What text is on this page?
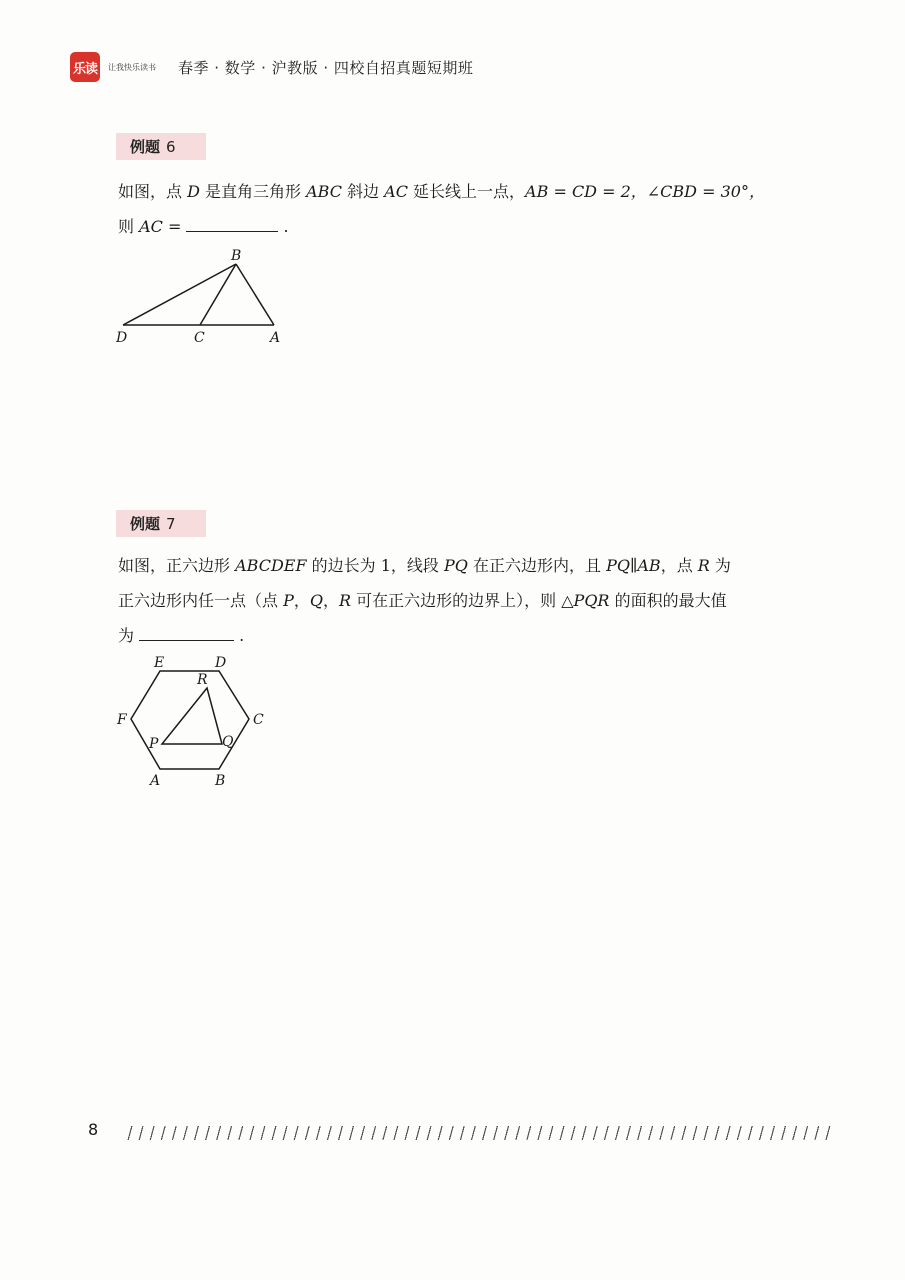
乐读	让我快乐读书 春季 · 数学 · 沪教版 · 四校自招真题短期班
例题 6
如图，点 D 是直角三角形 ABC 斜边 AC 延长线上一点，AB = CD = 2，∠CBD = 30°，
则 AC =	.
B
D	C	A
例题 7
如图，正六边形 ABCDEF 的边长为 1，线段 PQ 在正六边形内，且 PQ∥AB，点 R 为
正六边形内任一点（点 P，Q，R 可在正六边形的边界上），则 △PQR 的面积的最大值
为	.
E	D
R
F	C
P	Q
A	B
8
